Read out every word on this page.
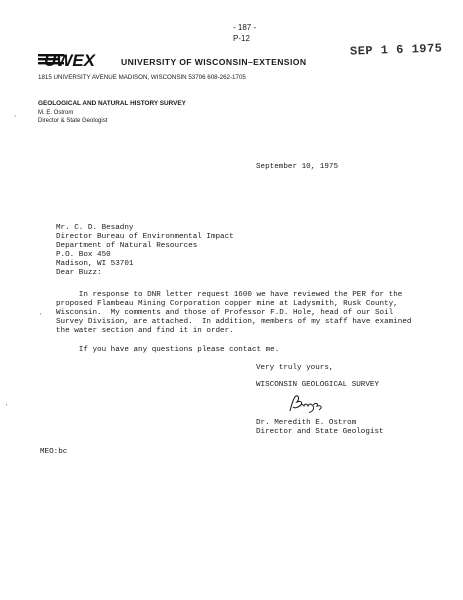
- 187 -
P-12
UWEX	UNIVERSITY OF WISCONSIN–EXTENSION
SEP 1 6 1975
1815 UNIVERSITY AVENUE MADISON, WISCONSIN 53706 608-262-1705
GEOLOGICAL AND NATURAL HISTORY SURVEY
M. E. Ostrom
Director & State Geologist
September 10, 1975
Mr. C. D. Besadny
Director Bureau of Environmental Impact
Department of Natural Resources
P.O. Box 450
Madison, WI 53701
Dear Buzz:
In response to DNR letter request 1600 we have reviewed the PER for the
proposed Flambeau Mining Corporation copper mine at Ladysmith, Rusk County,
Wisconsin.  My comments and those of Professor F.D. Hole, head of our Soil
Survey Division, are attached.  In addition, members of my staff have examined
the water section and find it in order.
If you have any questions please contact me.
Very truly yours,
WISCONSIN GEOLOGICAL SURVEY
Dr. Meredith E. Ostrom
Director and State Geologist
MEO:bc
,
'
'
